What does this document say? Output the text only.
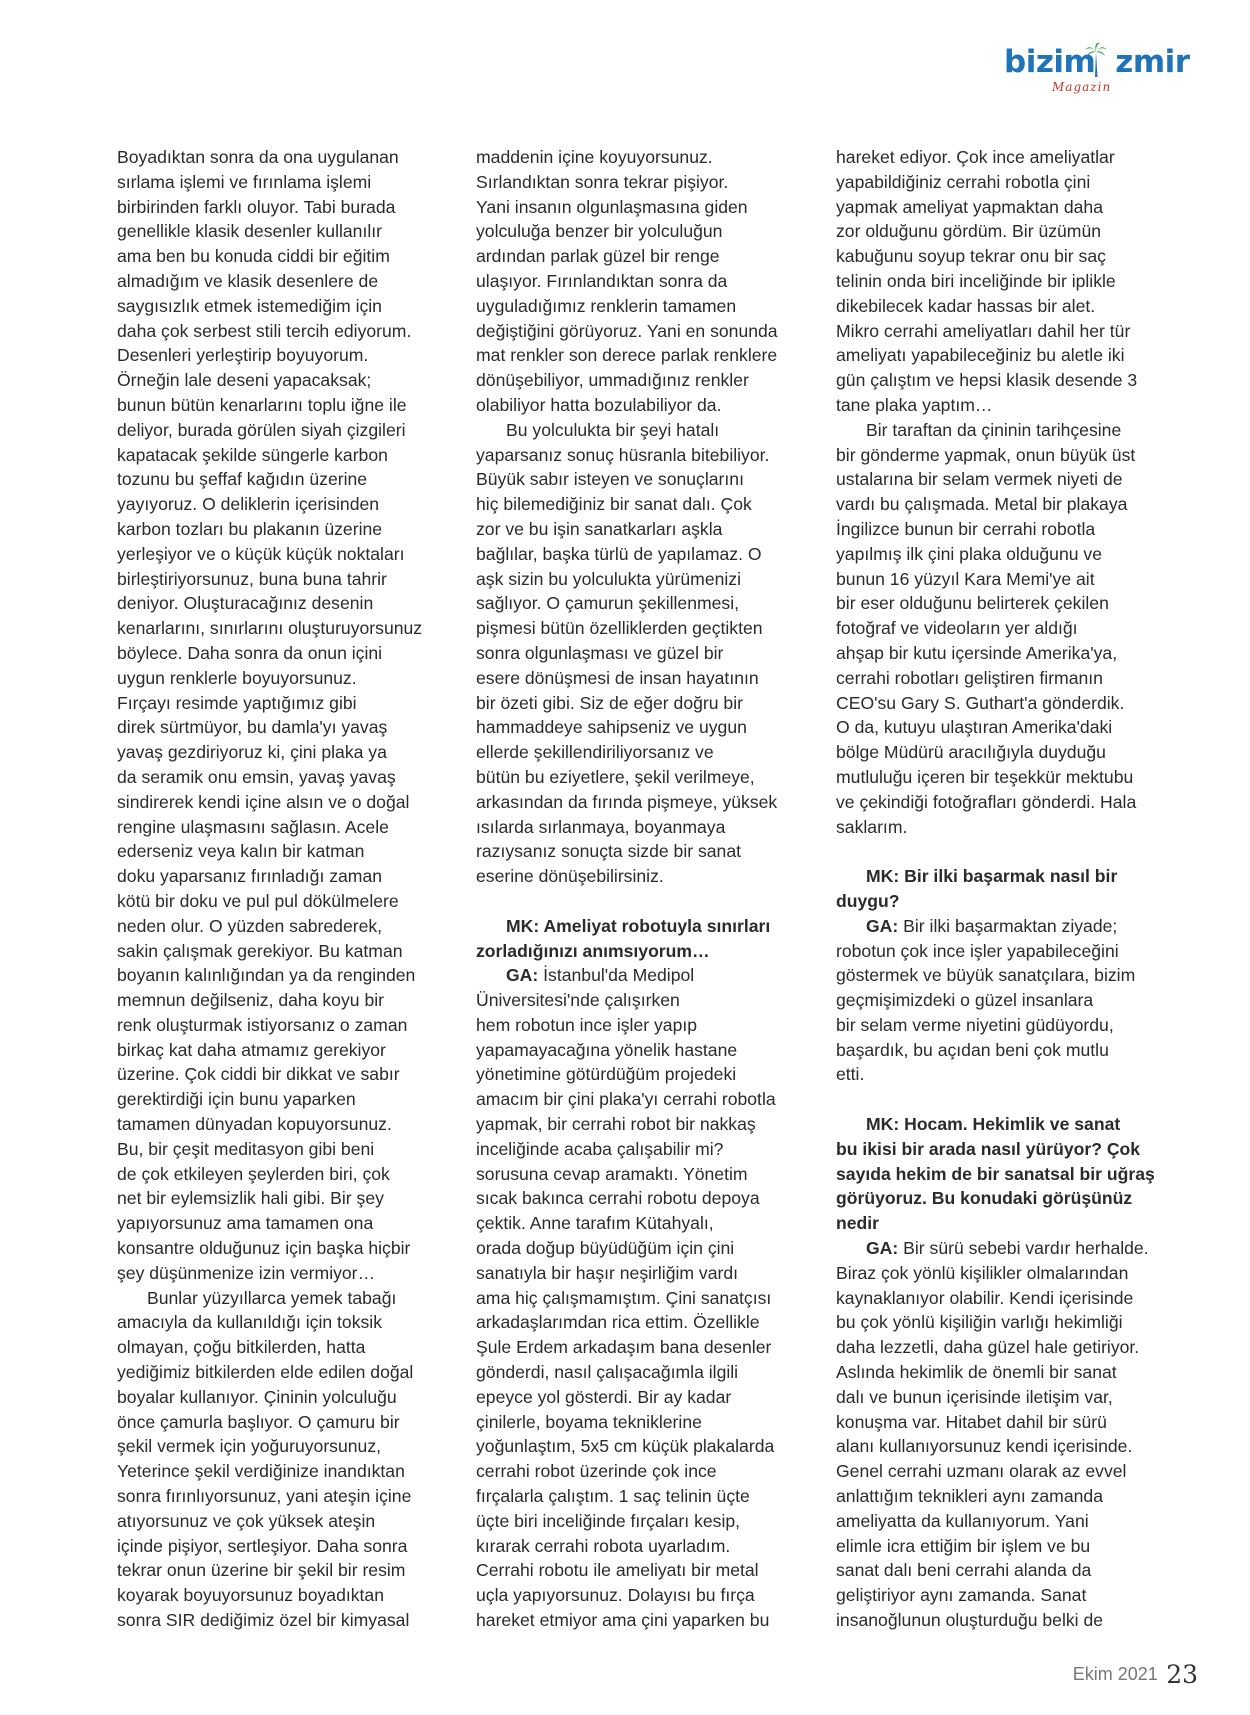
bizim zmir
Magazin
Boyadıktan sonra da ona uygulanan
sırlama işlemi ve fırınlama işlemi
birbirinden farklı oluyor. Tabi burada
genellikle klasik desenler kullanılır
ama ben bu konuda ciddi bir eğitim
almadığım ve klasik desenlere de
saygısızlık etmek istemediğim için
daha çok serbest stili tercih ediyorum.
Desenleri yerleştirip boyuyorum.
Örneğin lale deseni yapacaksak;
bunun bütün kenarlarını toplu iğne ile
deliyor, burada görülen siyah çizgileri
kapatacak şekilde süngerle karbon
tozunu bu şeffaf kağıdın üzerine
yayıyoruz. O deliklerin içerisinden
karbon tozları bu plakanın üzerine
yerleşiyor ve o küçük küçük noktaları
birleştiriyorsunuz, buna buna tahrir
deniyor. Oluşturacağınız desenin
kenarlarını, sınırlarını oluşturuyorsunuz
böylece. Daha sonra da onun içini
uygun renklerle boyuyorsunuz.
Fırçayı resimde yaptığımız gibi
direk sürtmüyor, bu damla'yı yavaş
yavaş gezdiriyoruz ki, çini plaka ya
da seramik onu emsin, yavaş yavaş
sindirerek kendi içine alsın ve o doğal
rengine ulaşmasını sağlasın. Acele
ederseniz veya kalın bir katman
doku yaparsanız fırınladığı zaman
kötü bir doku ve pul pul dökülmelere
neden olur. O yüzden sabrederek,
sakin çalışmak gerekiyor. Bu katman
boyanın kalınlığından ya da renginden
memnun değilseniz, daha koyu bir
renk oluşturmak istiyorsanız o zaman
birkaç kat daha atmamız gerekiyor
üzerine. Çok ciddi bir dikkat ve sabır
gerektirdiği için bunu yaparken
tamamen dünyadan kopuyorsunuz.
Bu, bir çeşit meditasyon gibi beni
de çok etkileyen şeylerden biri, çok
net bir eylemsizlik hali gibi. Bir şey
yapıyorsunuz ama tamamen ona
konsantre olduğunuz için başka hiçbir
şey düşünmenize izin vermiyor…
Bunlar yüzyıllarca yemek tabağı
amacıyla da kullanıldığı için toksik
olmayan, çoğu bitkilerden, hatta
yediğimiz bitkilerden elde edilen doğal
boyalar kullanıyor. Çininin yolculuğu
önce çamurla başlıyor. O çamuru bir
şekil vermek için yoğuruyorsunuz,
Yeterince şekil verdiğinize inandıktan
sonra fırınlıyorsunuz, yani ateşin içine
atıyorsunuz ve çok yüksek ateşin
içinde pişiyor, sertleşiyor. Daha sonra
tekrar onun üzerine bir şekil bir resim
koyarak boyuyorsunuz boyadıktan
sonra SIR dediğimiz özel bir kimyasal
maddenin içine koyuyorsunuz.
Sırlandıktan sonra tekrar pişiyor.
Yani insanın olgunlaşmasına giden
yolculuğa benzer bir yolculuğun
ardından parlak güzel bir renge
ulaşıyor. Fırınlandıktan sonra da
uyguladığımız renklerin tamamen
değiştiğini görüyoruz. Yani en sonunda
mat renkler son derece parlak renklere
dönüşebiliyor, ummadığınız renkler
olabiliyor hatta bozulabiliyor da.
Bu yolculukta bir şeyi hatalı
yaparsanız sonuç hüsranla bitebiliyor.
Büyük sabır isteyen ve sonuçlarını
hiç bilemediğiniz bir sanat dalı. Çok
zor ve bu işin sanatkarları aşkla
bağlılar, başka türlü de yapılamaz. O
aşk sizin bu yolculukta yürümenizi
sağlıyor. O çamurun şekillenmesi,
pişmesi bütün özelliklerden geçtikten
sonra olgunlaşması ve güzel bir
esere dönüşmesi de insan hayatının
bir özeti gibi. Siz de eğer doğru bir
hammaddeye sahipseniz ve uygun
ellerde şekillendiriliyorsanız ve
bütün bu eziyetlere, şekil verilmeye,
arkasından da fırında pişmeye, yüksek
ısılarda sırlanmaya, boyanmaya
razıysanız sonuçta sizde bir sanat
eserine dönüşebilirsiniz.
MK: Ameliyat robotuyla sınırları
zorladığınızı anımsıyorum…
GA: İstanbul'da Medipol
Üniversitesi'nde çalışırken
hem robotun ince işler yapıp
yapamayacağına yönelik hastane
yönetimine götürdüğüm projedeki
amacım bir çini plaka'yı cerrahi robotla
yapmak, bir cerrahi robot bir nakkaş
inceliğinde acaba çalışabilir mi?
sorusuna cevap aramaktı. Yönetim
sıcak bakınca cerrahi robotu depoya
çektik. Anne tarafım Kütahyalı,
orada doğup büyüdüğüm için çini
sanatıyla bir haşır neşirliğim vardı
ama hiç çalışmamıştım. Çini sanatçısı
arkadaşlarımdan rica ettim. Özellikle
Şule Erdem arkadaşım bana desenler
gönderdi, nasıl çalışacağımla ilgili
epeyce yol gösterdi. Bir ay kadar
çinilerle, boyama tekniklerine
yoğunlaştım, 5x5 cm küçük plakalarda
cerrahi robot üzerinde çok ince
fırçalarla çalıştım. 1 saç telinin üçte
üçte biri inceliğinde fırçaları kesip,
kırarak cerrahi robota uyarladım.
Cerrahi robotu ile ameliyatı bir metal
uçla yapıyorsunuz. Dolayısı bu fırça
hareket etmiyor ama çini yaparken bu
hareket ediyor. Çok ince ameliyatlar
yapabildiğiniz cerrahi robotla çini
yapmak ameliyat yapmaktan daha
zor olduğunu gördüm. Bir üzümün
kabuğunu soyup tekrar onu bir saç
telinin onda biri inceliğinde bir iplikle
dikebilecek kadar hassas bir alet.
Mikro cerrahi ameliyatları dahil her tür
ameliyatı yapabileceğiniz bu aletle iki
gün çalıştım ve hepsi klasik desende 3
tane plaka yaptım…
Bir taraftan da çininin tarihçesine
bir gönderme yapmak, onun büyük üst
ustalarına bir selam vermek niyeti de
vardı bu çalışmada. Metal bir plakaya
İngilizce bunun bir cerrahi robotla
yapılmış ilk çini plaka olduğunu ve
bunun 16 yüzyıl Kara Memi'ye ait
bir eser olduğunu belirterek çekilen
fotoğraf ve videoların yer aldığı
ahşap bir kutu içersinde Amerika'ya,
cerrahi robotları geliştiren firmanın
CEO'su Gary S. Guthart'a gönderdik.
O da, kutuyu ulaştıran Amerika'daki
bölge Müdürü aracılığıyla duyduğu
mutluluğu içeren bir teşekkür mektubu
ve çekindiği fotoğrafları gönderdi. Hala
saklarım.
MK: Bir ilki başarmak nasıl bir
duygu?
GA: Bir ilki başarmaktan ziyade;
robotun çok ince işler yapabileceğini
göstermek ve büyük sanatçılara, bizim
geçmişimizdeki o güzel insanlara
bir selam verme niyetini güdüyordu,
başardık, bu açıdan beni çok mutlu
etti.
MK: Hocam. Hekimlik ve sanat
bu ikisi bir arada nasıl yürüyor? Çok
sayıda hekim de bir sanatsal bir uğraş
görüyoruz. Bu konudaki görüşünüz
nedir
GA: Bir sürü sebebi vardır herhalde.
Biraz çok yönlü kişilikler olmalarından
kaynaklanıyor olabilir. Kendi içerisinde
bu çok yönlü kişiliğin varlığı hekimliği
daha lezzetli, daha güzel hale getiriyor.
Aslında hekimlik de önemli bir sanat
dalı ve bunun içerisinde iletişim var,
konuşma var. Hitabet dahil bir sürü
alanı kullanıyorsunuz kendi içerisinde.
Genel cerrahi uzmanı olarak az evvel
anlattığım teknikleri aynı zamanda
ameliyatta da kullanıyorum. Yani
elimle icra ettiğim bir işlem ve bu
sanat dalı beni cerrahi alanda da
geliştiriyor aynı zamanda. Sanat
insanoğlunun oluşturduğu belki de
Ekim 2021 23
